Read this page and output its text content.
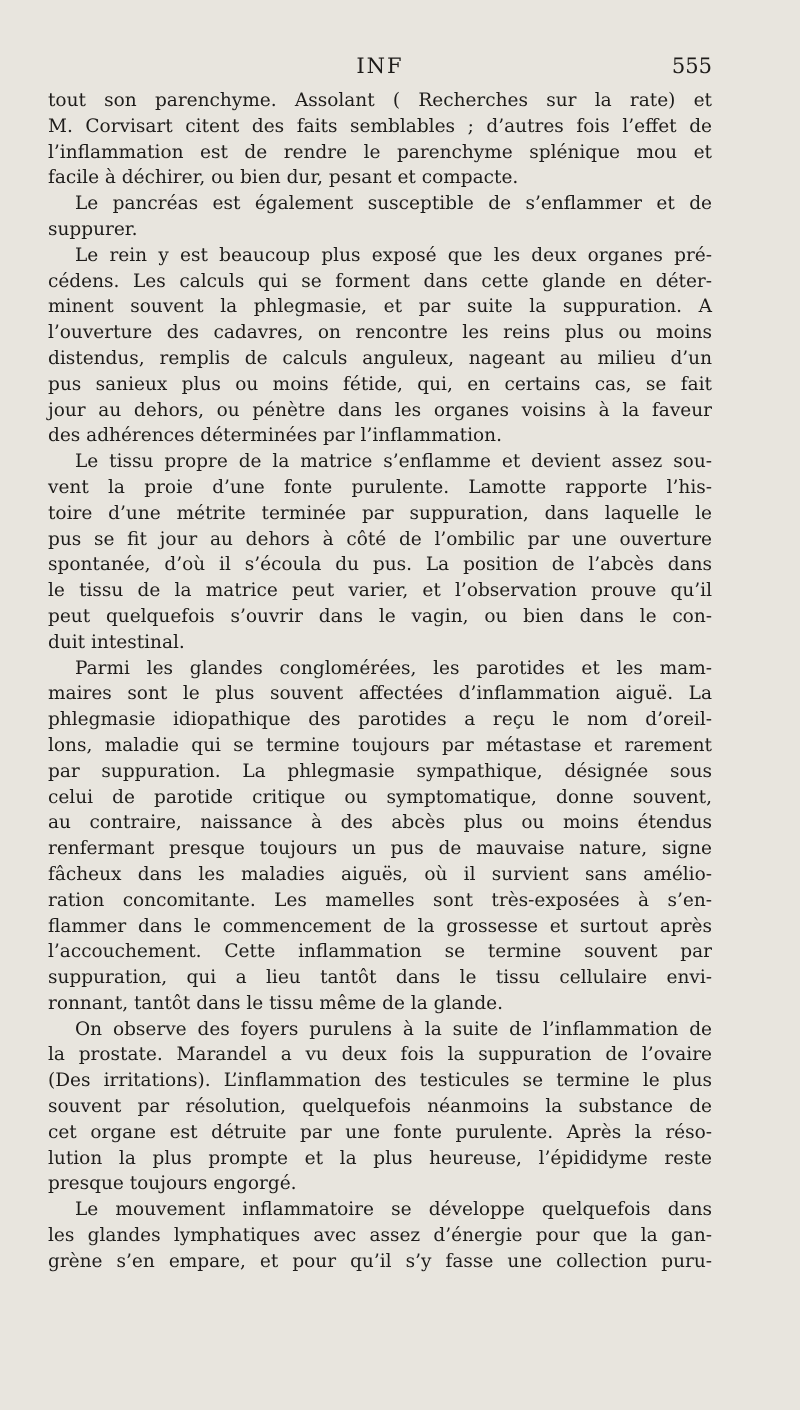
INF	555
tout son parenchyme. Assolant ( Recherches sur la rate) et
M. Corvisart citent des faits semblables ; d’autres fois l’effet de
l’inflammation est de rendre le parenchyme splénique mou et
facile à déchirer, ou bien dur, pesant et compacte.
Le pancréas est également susceptible de s’enflammer et de
suppurer.
Le rein y est beaucoup plus exposé que les deux organes pré-
cédens. Les calculs qui se forment dans cette glande en déter-
minent souvent la phlegmasie, et par suite la suppuration. A
l’ouverture des cadavres, on rencontre les reins plus ou moins
distendus, remplis de calculs anguleux, nageant au milieu d’un
pus sanieux plus ou moins fétide, qui, en certains cas, se fait
jour au dehors, ou pénètre dans les organes voisins à la faveur
des adhérences déterminées par l’inflammation.
Le tissu propre de la matrice s’enflamme et devient assez sou-
vent la proie d’une fonte purulente. Lamotte rapporte l’his-
toire d’une métrite terminée par suppuration, dans laquelle le
pus se fit jour au dehors à côté de l’ombilic par une ouverture
spontanée, d’où il s’écoula du pus. La position de l’abcès dans
le tissu de la matrice peut varier, et l’observation prouve qu’il
peut quelquefois s’ouvrir dans le vagin, ou bien dans le con-
duit intestinal.
Parmi les glandes conglomérées, les parotides et les mam-
maires sont le plus souvent affectées d’inflammation aiguë. La
phlegmasie idiopathique des parotides a reçu le nom d’oreil-
lons, maladie qui se termine toujours par métastase et rarement
par suppuration. La phlegmasie sympathique, désignée sous
celui de parotide critique ou symptomatique, donne souvent,
au contraire, naissance à des abcès plus ou moins étendus
renfermant presque toujours un pus de mauvaise nature, signe
fâcheux dans les maladies aiguës, où il survient sans amélio-
ration concomitante. Les mamelles sont très-exposées à s’en-
flammer dans le commencement de la grossesse et surtout après
l’accouchement. Cette inflammation se termine souvent par
suppuration, qui a lieu tantôt dans le tissu cellulaire envi-
ronnant, tantôt dans le tissu même de la glande.
On observe des foyers purulens à la suite de l’inflammation de
la prostate. Marandel a vu deux fois la suppuration de l’ovaire
(Des irritations). L’inflammation des testicules se termine le plus
souvent par résolution, quelquefois néanmoins la substance de
cet organe est détruite par une fonte purulente. Après la réso-
lution la plus prompte et la plus heureuse, l’épididyme reste
presque toujours engorgé.
Le mouvement inflammatoire se développe quelquefois dans
les glandes lymphatiques avec assez d’énergie pour que la gan-
grène s’en empare, et pour qu’il s’y fasse une collection puru-
